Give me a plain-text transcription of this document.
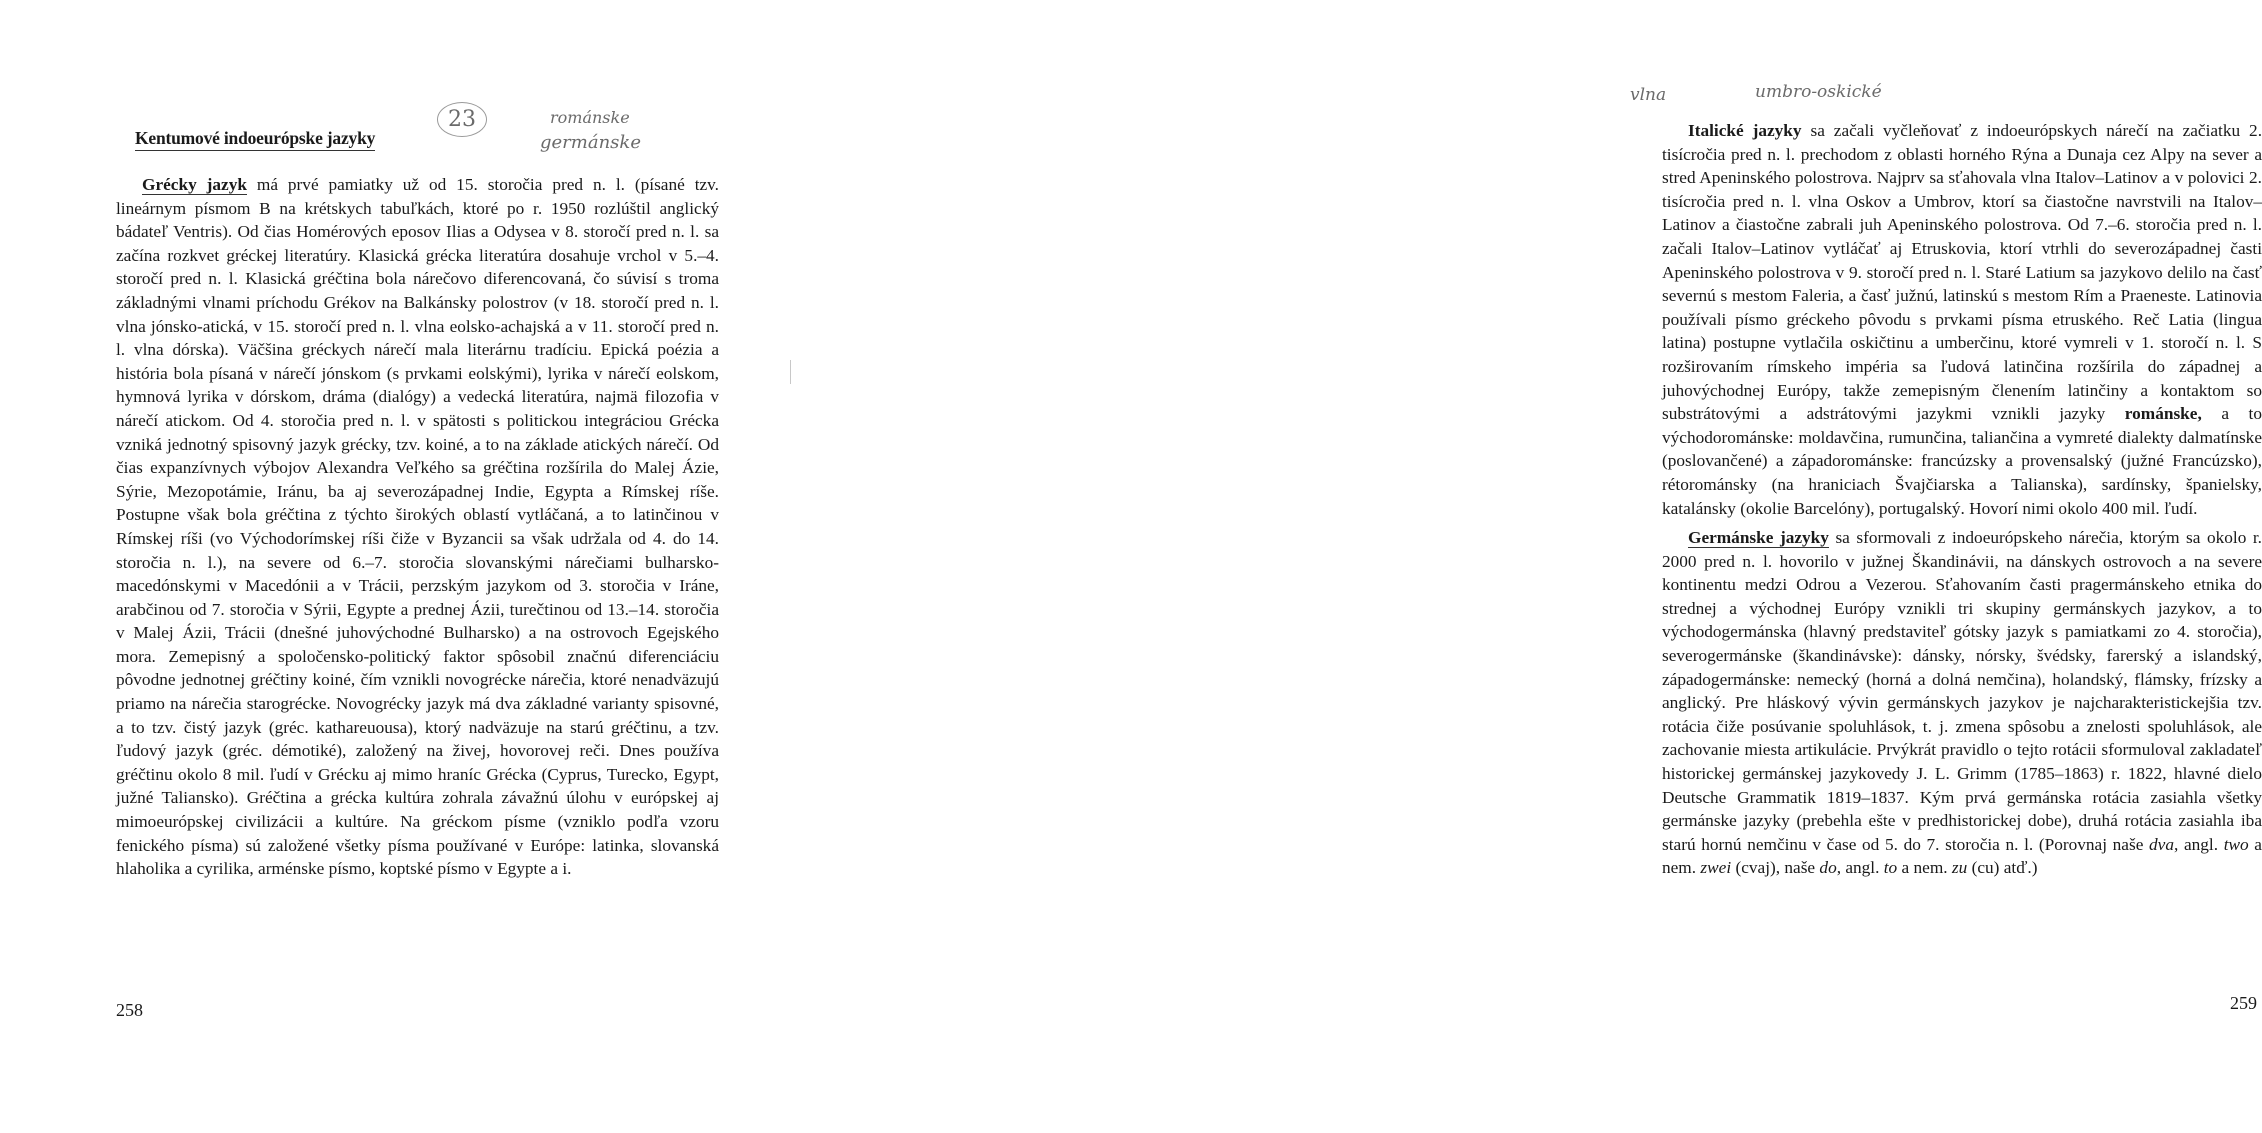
Kentumové indoeurópske jazyky
23	románske
germánske

Grécky jazyk má prvé pamiatky už od 15. storočia pred n. l. (písané tzv. lineárnym písmom B na krétskych tabuľkách, ktoré po r. 1950 rozlúštil anglický bádateľ Ventris). Od čias Homérových eposov Ilias a Odysea v 8. storočí pred n. l. sa začína rozkvet gréckej literatúry. Klasická grécka literatúra dosahuje vrchol v 5.–4. storočí pred n. l. Klasická gréčtina bola nárečovo diferencovaná, čo súvisí s troma základnými vlnami príchodu Grékov na Balkánsky polostrov (v 18. storočí pred n. l. vlna jónsko-atická, v 15. storočí pred n. l. vlna eolsko-achajská a v 11. storočí pred n. l. vlna dórska). Väčšina gréckych nárečí mala literárnu tradíciu. Epická poézia a história bola písaná v nárečí jónskom (s prvkami eolskými), lyrika v nárečí eolskom, hymnová lyrika v dórskom, dráma (dialógy) a vedecká literatúra, najmä filozofia v nárečí atickom. Od 4. storočia pred n. l. v spätosti s politickou integráciou Grécka vzniká jednotný spisovný jazyk grécky, tzv. koiné, a to na základe atických nárečí. Od čias expanzívnych výbojov Alexandra Veľkého sa gréčtina rozšírila do Malej Ázie, Sýrie, Mezopotámie, Iránu, ba aj severozápadnej Indie, Egypta a Rímskej ríše. Postupne však bola gréčtina z týchto širokých oblastí vytláčaná, a to latinčinou v Rímskej ríši (vo Východorímskej ríši čiže v Byzancii sa však udržala od 4. do 14. storočia n. l.), na severe od 6.–7. storočia slovanskými nárečiami bulharsko-macedónskymi v Macedónii a v Trácii, perzským jazykom od 3. storočia v Iráne, arabčinou od 7. storočia v Sýrii, Egypte a prednej Ázii, turečtinou od 13.–14. storočia v Malej Ázii, Trácii (dnešné juhovýchodné Bulharsko) a na ostrovoch Egejského mora. Zemepisný a spoločensko-politický faktor spôsobil značnú diferenciáciu pôvodne jednotnej gréčtiny koiné, čím vznikli novogrécke nárečia, ktoré nenadväzujú priamo na nárečia starogrécke. Novogrécky jazyk má dva základné varianty spisovné, a to tzv. čistý jazyk (gréc. kathareuousa), ktorý nadväzuje na starú gréčtinu, a tzv. ľudový jazyk (gréc. démotiké), založený na živej, hovorovej reči. Dnes používa gréčtinu okolo 8 mil. ľudí v Grécku aj mimo hraníc Grécka (Cyprus, Turecko, Egypt, južné Taliansko). Gréčtina a grécka kultúra zohrala závažnú úlohu v európskej aj mimoeurópskej civilizácii a kultúre. Na gréckom písme (vzniklo podľa vzoru fenického písma) sú založené všetky písma používané v Európe: latinka, slovanská hlaholika a cyrilika, arménske písmo, koptské písmo v Egypte a i.

258
vlna	umbro-oskické

Italické jazyky sa začali vyčleňovať z indoeurópskych nárečí na začiatku 2. tisícročia pred n. l. prechodom z oblasti horného Rýna a Dunaja cez Alpy na sever a stred Apeninského polostrova. Najprv sa sťahovala vlna Italov–Latinov a v polovici 2. tisícročia pred n. l. vlna Oskov a Umbrov, ktorí sa čiastočne navrstvili na Italov–Latinov a čiastočne zabrali juh Apeninského polostrova. Od 7.–6. storočia pred n. l. začali Italov–Latinov vytláčať aj Etruskovia, ktorí vtrhli do severozápadnej časti Apeninského polostrova v 9. storočí pred n. l. Staré Latium sa jazykovo delilo na časť severnú s mestom Faleria, a časť južnú, latinskú s mestom Rím a Praeneste. Latinovia používali písmo gréckeho pôvodu s prvkami písma etruského. Reč Latia (lingua latina) postupne vytlačila oskičtinu a umberčinu, ktoré vymreli v 1. storočí n. l. S rozširovaním rímskeho impéria sa ľudová latinčina rozšírila do západnej a juhovýchodnej Európy, takže zemepisným členením latinčiny a kontaktom so substrátovými a adstrátovými jazykmi vznikli jazyky románske, a to východorománske: moldavčina, rumunčina, taliančina a vymreté dialekty dalmatínske (poslovančené) a západorománske: francúzsky a provensalský (južné Francúzsko), rétorománsky (na hraniciach Švajčiarska a Talianska), sardínsky, španielsky, katalánsky (okolie Barcelóny), portugalský. Hovorí nimi okolo 400 mil. ľudí.

Germánske jazyky sa sformovali z indoeurópskeho nárečia, ktorým sa okolo r. 2000 pred n. l. hovorilo v južnej Škandinávii, na dánskych ostrovoch a na severe kontinentu medzi Odrou a Vezerou. Sťahovaním časti pragermánskeho etnika do strednej a východnej Európy vznikli tri skupiny germánskych jazykov, a to východogermánska (hlavný predstaviteľ gótsky jazyk s pamiatkami zo 4. storočia), severogermánske (škandinávske): dánsky, nórsky, švédsky, farerský a islandský, západogermánske: nemecký (horná a dolná nemčina), holandský, flámsky, frízsky a anglický. Pre hláskový vývin germánskych jazykov je najcharakteristickejšia tzv. rotácia čiže posúvanie spoluhlások, t. j. zmena spôsobu a znelosti spoluhlások, ale zachovanie miesta artikulácie. Prvýkrát pravidlo o tejto rotácii sformuloval zakladateľ historickej germánskej jazykovedy J. L. Grimm (1785–1863) r. 1822, hlavné dielo Deutsche Grammatik 1819–1837. Kým prvá germánska rotácia zasiahla všetky germánske jazyky (prebehla ešte v predhistorickej dobe), druhá rotácia zasiahla iba starú hornú nemčinu v čase od 5. do 7. storočia n. l. (Porovnaj naše dva, angl. two a nem. zwei (cvaj), naše do, angl. to a nem. zu (cu) atď.)

259
